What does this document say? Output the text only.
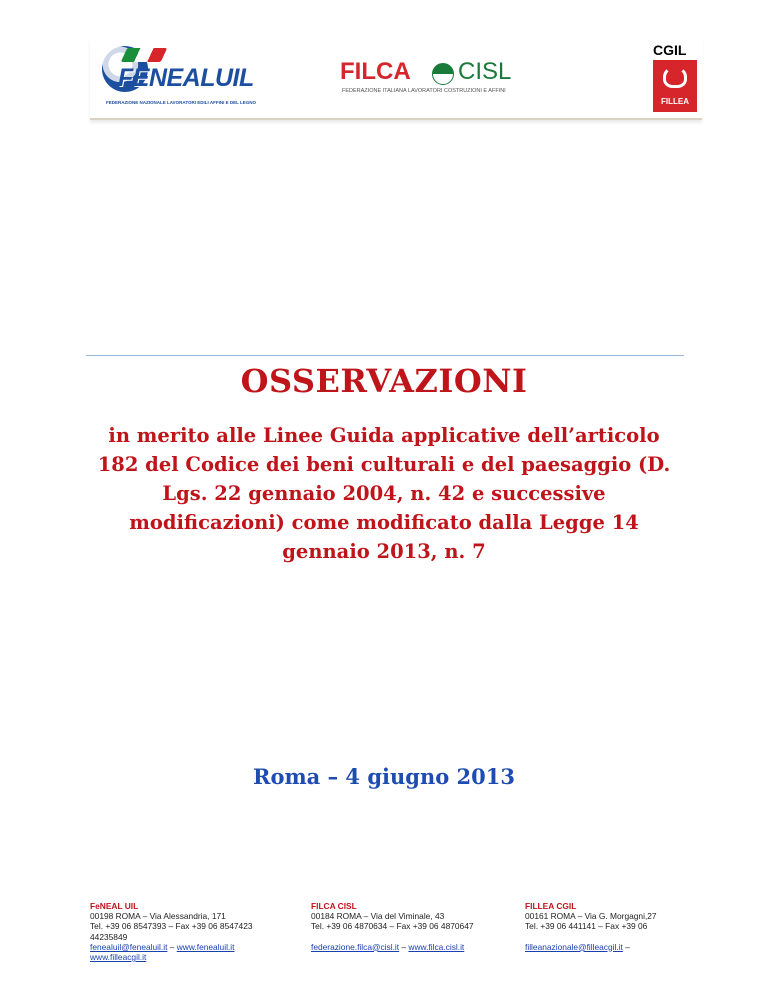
FENEALUIL
FEDERAZIONE NAZIONALE LAVORATORI EDILI AFFINI E DEL LEGNO
FILCA CISL
FEDERAZIONE ITALIANA LAVORATORI COSTRUZIONI E AFFINI
CGIL
FILLEA
OSSERVAZIONI
in merito alle Linee Guida applicative dell’articolo 182 del Codice dei beni culturali e del paesaggio (D. Lgs. 22 gennaio 2004, n. 42 e successive modificazioni) come modificato dalla Legge 14 gennaio 2013, n. 7
Roma – 4 giugno 2013
FeNEAL UIL
00198 ROMA – Via Alessandria, 171
Tel. +39 06 8547393 – Fax +39 06 8547423
44235849
fenealuil@fenealuil.it – www.fenealuil.it
www.filleacgil.it
FILCA CISL
00184 ROMA – Via del Viminale, 43
Tel. +39 06 4870634 – Fax +39 06 4870647
federazione.filca@cisl.it – www.filca.cisl.it
FILLEA CGIL
00161 ROMA – Via G. Morgagni,27
Tel. +39 06 441141 – Fax +39 06
filleanazionale@filleacgil.it –
